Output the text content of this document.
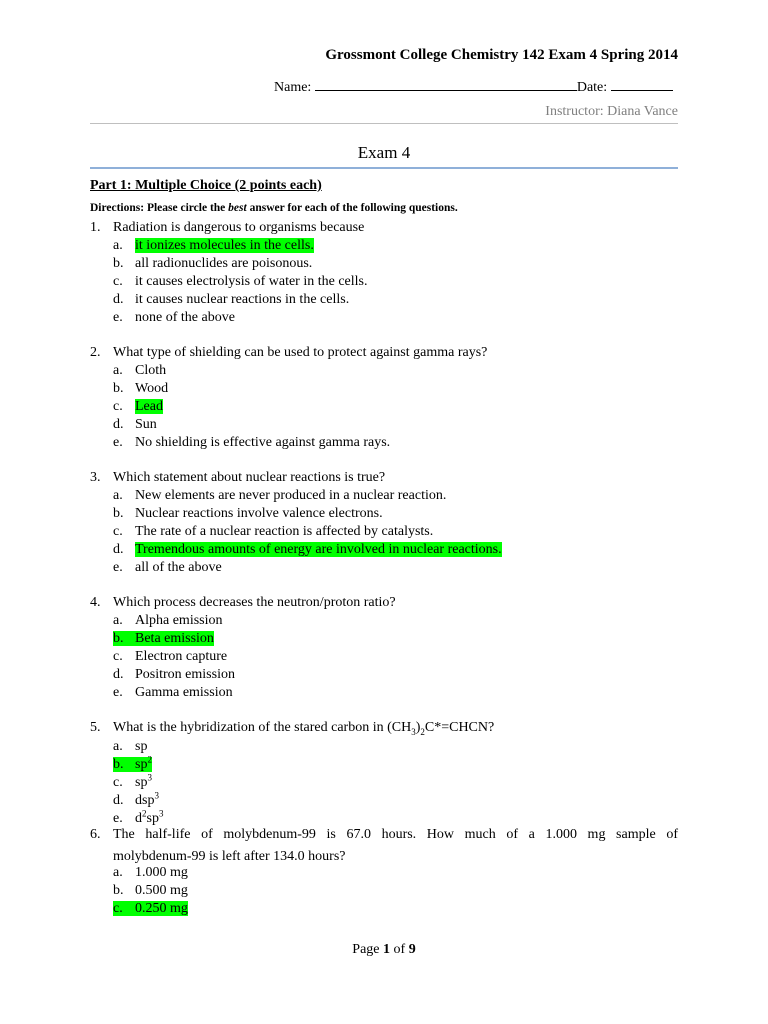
Grossmont College Chemistry 142 Exam 4 Spring 2014
Name:	Date:
Instructor: Diana Vance
Exam 4
Part 1: Multiple Choice (2 points each)
Directions: Please circle the best answer for each of the following questions.
1. Radiation is dangerous to organisms because
a. it ionizes molecules in the cells.
b. all radionuclides are poisonous.
c. it causes electrolysis of water in the cells.
d. it causes nuclear reactions in the cells.
e. none of the above
2. What type of shielding can be used to protect against gamma rays?
a. Cloth
b. Wood
c. Lead
d. Sun
e. No shielding is effective against gamma rays.
3. Which statement about nuclear reactions is true?
a. New elements are never produced in a nuclear reaction.
b. Nuclear reactions involve valence electrons.
c. The rate of a nuclear reaction is affected by catalysts.
d. Tremendous amounts of energy are involved in nuclear reactions.
e. all of the above
4. Which process decreases the neutron/proton ratio?
a. Alpha emission
b. Beta emission
c. Electron capture
d. Positron emission
e. Gamma emission
5. What is the hybridization of the stared carbon in $(CH_3)_2C*=CHCN$?
a. sp
b. $sp^2$
c. $sp^3$
d. dsp$^3$
e. $d^2sp^3$
6. The half-life of molybdenum-99 is 67.0 hours. How much of a 1.000 mg sample of
molybdenum-99 is left after 134.0 hours?
a. 1.000 mg
b. 0.500 mg
c. 0.250 mg
Page 1 of 9
